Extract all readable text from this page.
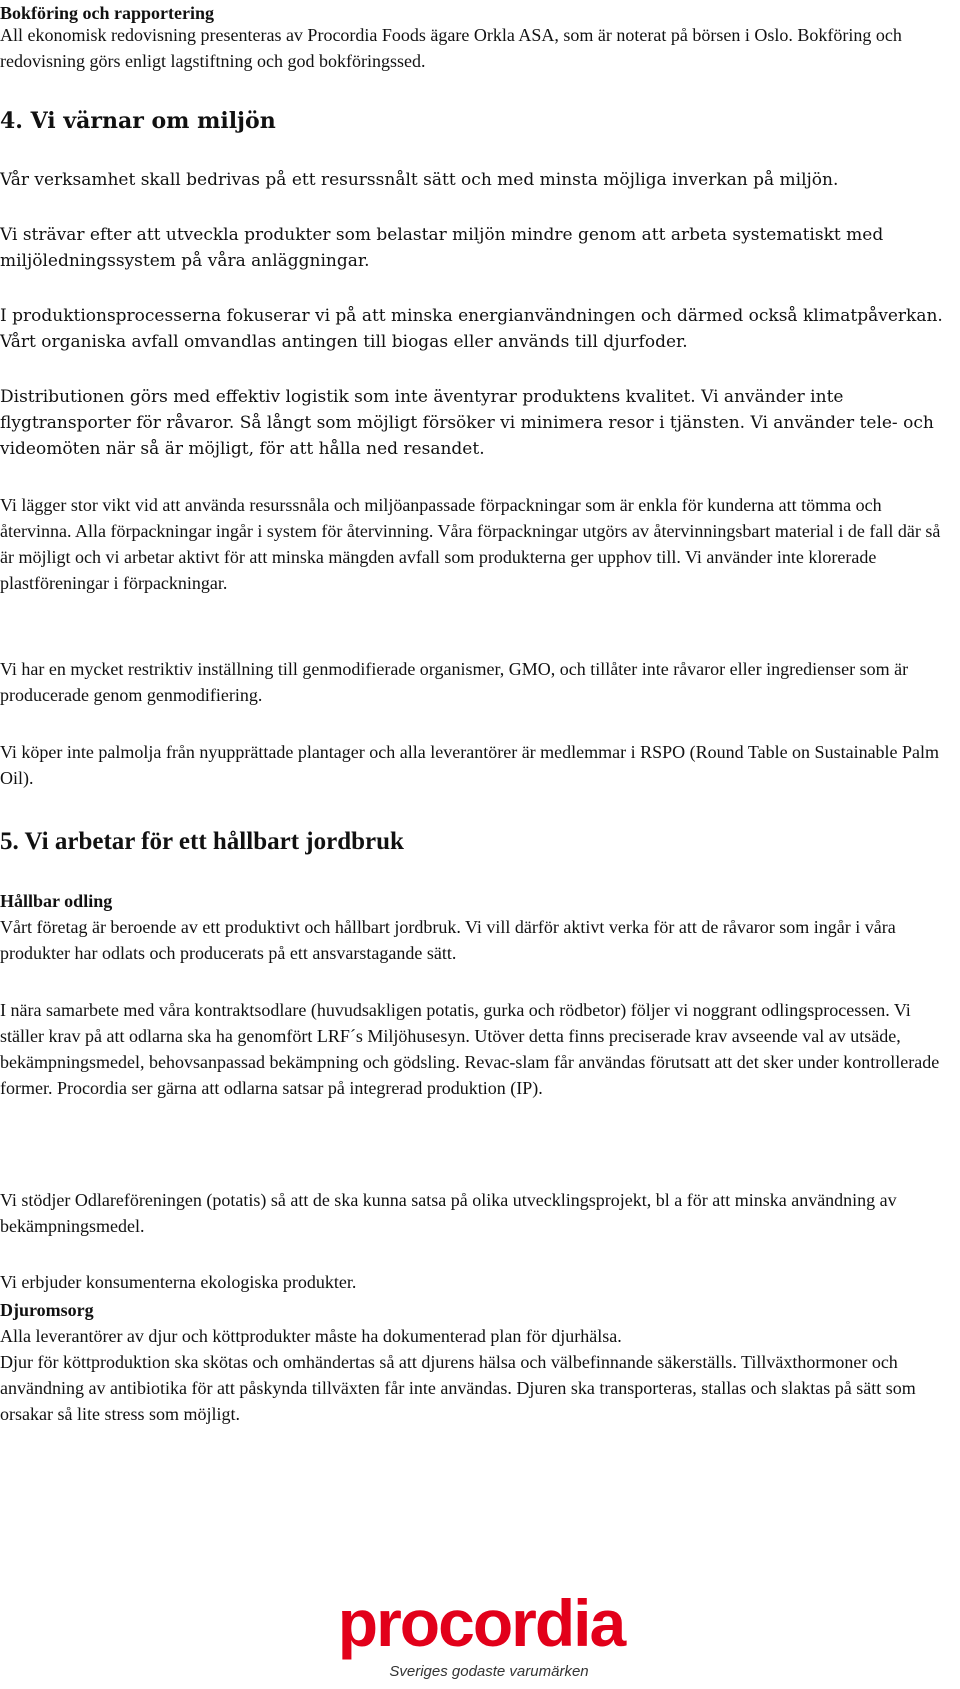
Bokföring och rapportering

All ekonomisk redovisning presenteras av Procordia Foods ägare Orkla ASA, som är noterat på börsen i Oslo. Bokföring och redovisning görs enligt lagstiftning och god bokföringssed.

4. Vi värnar om miljön

Vår verksamhet skall bedrivas på ett resurssnålt sätt och med minsta möjliga inverkan på miljön.

Vi strävar efter att utveckla produkter som belastar miljön mindre genom att arbeta systematiskt med miljöledningssystem på våra anläggningar.

I produktionsprocesserna fokuserar vi på att minska energianvändningen och därmed också klimatpåverkan. Vårt organiska avfall omvandlas antingen till biogas eller används till djurfoder.

Distributionen görs med effektiv logistik som inte äventyrar produktens kvalitet. Vi använder inte flygtransporter för råvaror. Så långt som möjligt försöker vi minimera resor i tjänsten. Vi använder tele- och videomöten när så är möjligt, för att hålla ned resandet.

Vi lägger stor vikt vid att använda resurssnåla och miljöanpassade förpackningar som är enkla för kunderna att tömma och återvinna. Alla förpackningar ingår i system för återvinning. Våra förpackningar utgörs av återvinningsbart material i de fall där så är möjligt och vi arbetar aktivt för att minska mängden avfall som produkterna ger upphov till. Vi använder inte klorerade plastföreningar i förpackningar.

Vi har en mycket restriktiv inställning till genmodifierade organismer, GMO, och tillåter inte råvaror eller ingredienser som är producerade genom genmodifiering.

Vi köper inte palmolja från nyupprättade plantager och alla leverantörer är medlemmar i RSPO (Round Table on Sustainable Palm Oil).

5. Vi arbetar för ett hållbart jordbruk
Hållbar odling

Vårt företag är beroende av ett produktivt och hållbart jordbruk. Vi vill därför aktivt verka för att de råvaror som ingår i våra produkter har odlats och producerats på ett ansvarstagande sätt.

I nära samarbete med våra kontraktsodlare (huvudsakligen potatis, gurka och rödbetor) följer vi noggrant odlingsprocessen. Vi ställer krav på att odlarna ska ha genomfört LRF´s Miljöhusesyn. Utöver detta finns preciserade krav avseende val av utsäde, bekämpningsmedel, behovsanpassad bekämpning och gödsling. Revac-slam får användas förutsatt att det sker under kontrollerade former. Procordia ser gärna att odlarna satsar på integrerad produktion (IP).

Vi stödjer Odlareföreningen (potatis) så att de ska kunna satsa på olika utvecklingsprojekt, bl a för att minska användning av bekämpningsmedel.

Vi erbjuder konsumenterna ekologiska produkter.

Djuromsorg

Alla leverantörer av djur och köttprodukter måste ha dokumenterad plan för djurhälsa.

Djur för köttproduktion ska skötas och omhändertas så att djurens hälsa och välbefinnande säkerställs. Tillväxthormoner och användning av antibiotika för att påskynda tillväxten får inte användas. Djuren ska transporteras, stallas och slaktas på sätt som orsakar så lite stress som möjligt.

procordia
Sveriges godaste varumärken
